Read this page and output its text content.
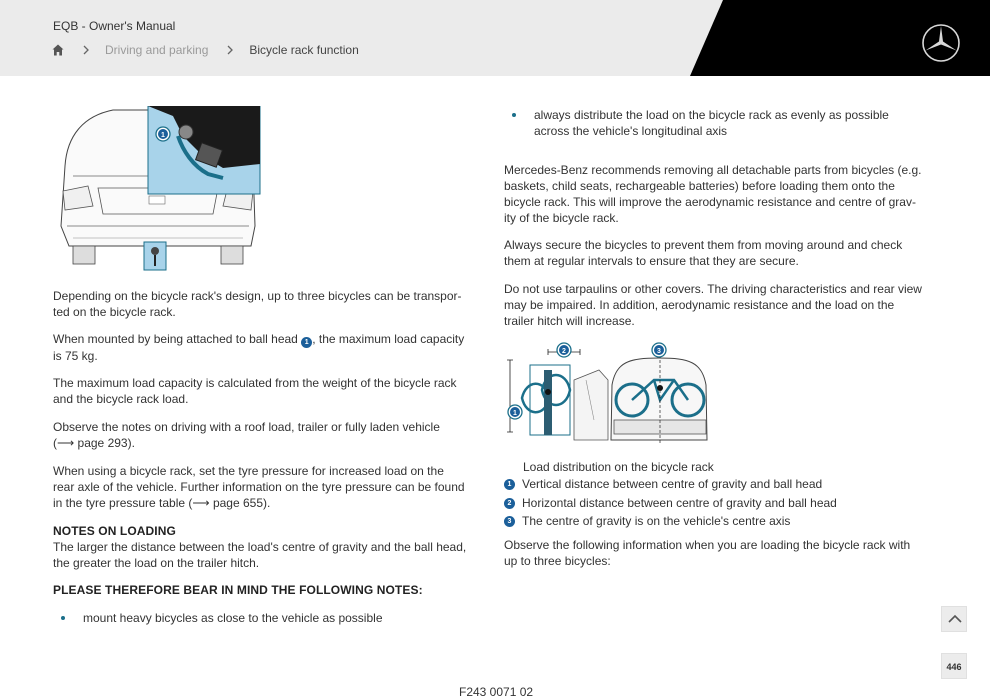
EQB - Owner's Manual
Driving and parking	Bicycle rack function
1
Depending on the bicycle rack's design, up to three bicycles can be transpor-ted on the bicycle rack.
When mounted by being attached to ball head 1 , the maximum load capacity is 75 kg.
The maximum load capacity is calculated from the weight of the bicycle rack and the bicycle rack load.
Observe the notes on driving with a roof load, trailer or fully laden vehicle (⟶ page 293).
When using a bicycle rack, set the tyre pressure for increased load on the rear axle of the vehicle. Further information on the tyre pressure can be found in the tyre pressure table (⟶ page 655).
NOTES ON LOADING
The larger the distance between the load's centre of gravity and the ball head, the greater the load on the trailer hitch.
PLEASE THEREFORE BEAR IN MIND THE FOLLOWING NOTES:
mount heavy bicycles as close to the vehicle as possible
always distribute the load on the bicycle rack as evenly as possible across the vehicle's longitudinal axis
Mercedes-Benz recommends removing all detachable parts from bicycles (e.g. baskets, child seats, rechargeable batteries) before loading them onto the bicycle rack. This will improve the aerodynamic resistance and centre of grav-ity of the bicycle rack.
Always secure the bicycles to prevent them from moving around and check them at regular intervals to ensure that they are secure.
Do not use tarpaulins or other covers. The driving characteristics and rear view may be impaired. In addition, aerodynamic resistance and the load on the trailer hitch will increase.
1
2	3
Load distribution on the bicycle rack
1 Vertical distance between centre of gravity and ball head
2 Horizontal distance between centre of gravity and ball head
3 The centre of gravity is on the vehicle's centre axis
Observe the following information when you are loading the bicycle rack with up to three bicycles:
446
F243 0071 02
